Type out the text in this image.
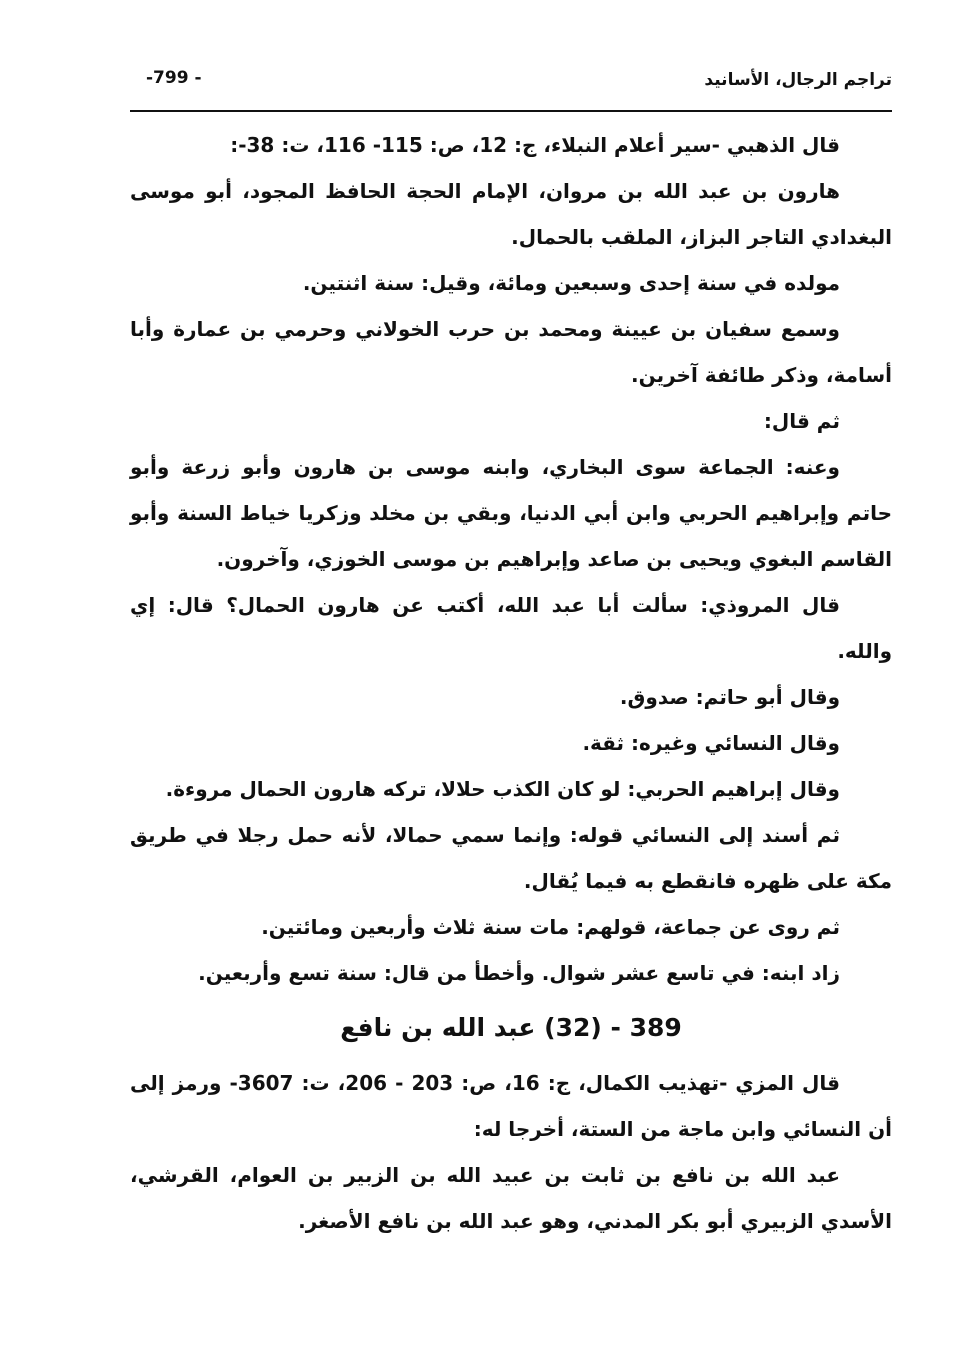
تراجم الرجال، الأسانيد
-799 -

قال الذهبي -سير أعلام النبلاء، ج: 12، ص: 115- 116، ت: 38-:

هارون بن عبد الله بن مروان، الإمام الحجة الحافظ المجود، أبو موسى البغدادي التاجر البزاز، الملقب بالحمال.

مولده في سنة إحدى وسبعين ومائة، وقيل: سنة اثنتين.

وسمع سفيان بن عيينة ومحمد بن حرب الخولاني وحرمي بن عمارة وأبا أسامة، وذكر طائفة آخرين.

ثم قال:

وعنه: الجماعة سوى البخاري، وابنه موسى بن هارون وأبو زرعة وأبو حاتم وإبراهيم الحربي وابن أبي الدنيا، وبقي بن مخلد وزكريا خياط السنة وأبو القاسم البغوي ويحيى بن صاعد وإبراهيم بن موسى الخوزي، وآخرون.

قال المروذي: سألت أبا عبد الله، أكتب عن هارون الحمال؟ قال: إي والله.

وقال أبو حاتم: صدوق.

وقال النسائي وغيره: ثقة.

وقال إبراهيم الحربي: لو كان الكذب حلالا، تركه هارون الحمال مروءة.

ثم أسند إلى النسائي قوله: وإنما سمي حمالا، لأنه حمل رجلا في طريق مكة على ظهره فانقطع به فيما يُقال.

ثم روى عن جماعة، قولهم: مات سنة ثلاث وأربعين ومائتين.

زاد ابنه: في تاسع عشر شوال. وأخطأ من قال: سنة تسع وأربعين.

389 - (32) عبد الله بن نافع

قال المزي -تهذيب الكمال، ج: 16، ص: 203 - 206، ت: 3607- ورمز إلى أن النسائي وابن ماجة من الستة، أخرجا له:

عبد الله بن نافع بن ثابت بن عبيد الله بن الزبير بن العوام، القرشي، الأسدي الزبيري أبو بكر المدني، وهو عبد الله بن نافع الأصغر.
